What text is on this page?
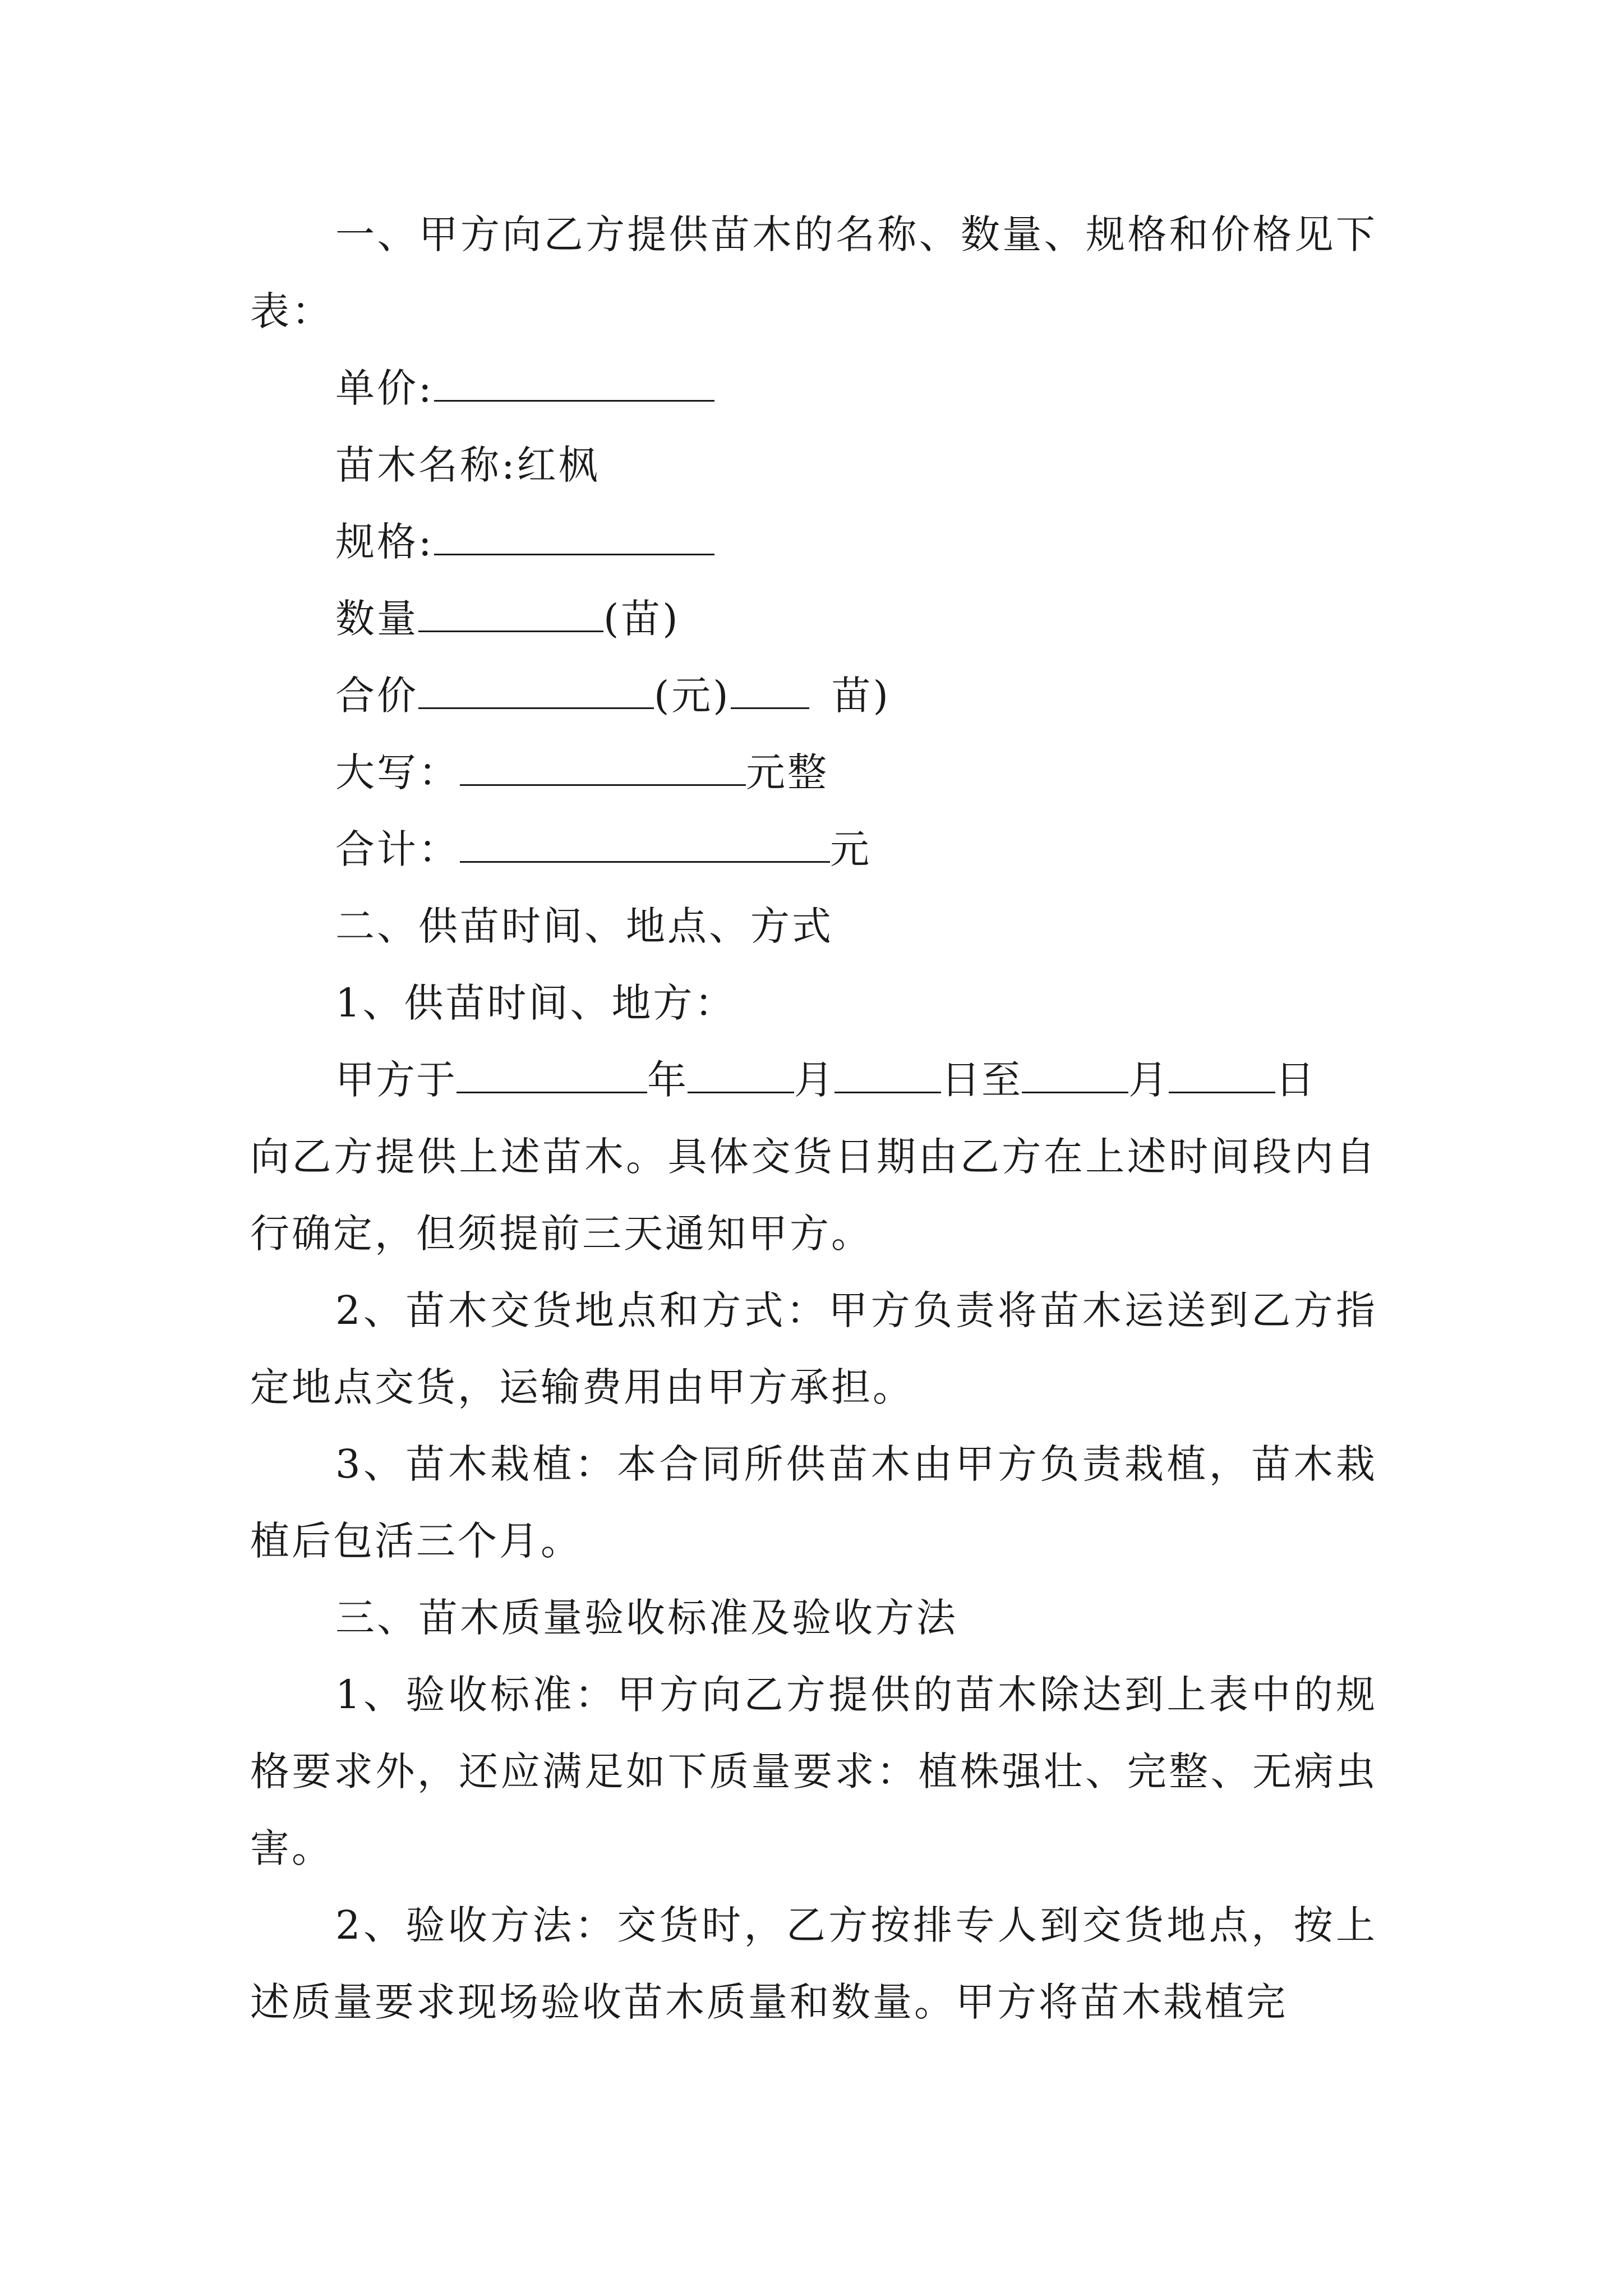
一、甲方向乙方提供苗木的名称、数量、规格和价格见下表：

单价:

苗木名称:红枫

规格:

数量	(苗)

合价	(元)	苗)

大写：	元整

合计：	元

二、供苗时间、地点、方式

1、供苗时间、地方：

甲方于	年	月	日至	月	日

向乙方提供上述苗木。具体交货日期由乙方在上述时间段内自行确定，但须提前三天通知甲方。

2、苗木交货地点和方式：甲方负责将苗木运送到乙方指定地点交货，运输费用由甲方承担。

3、苗木栽植：本合同所供苗木由甲方负责栽植，苗木栽植后包活三个月。

三、苗木质量验收标准及验收方法

1、验收标准：甲方向乙方提供的苗木除达到上表中的规格要求外，还应满足如下质量要求：植株强壮、完整、无病虫害。

2、验收方法：交货时，乙方按排专人到交货地点，按上述质量要求现场验收苗木质量和数量。甲方将苗木栽植完
